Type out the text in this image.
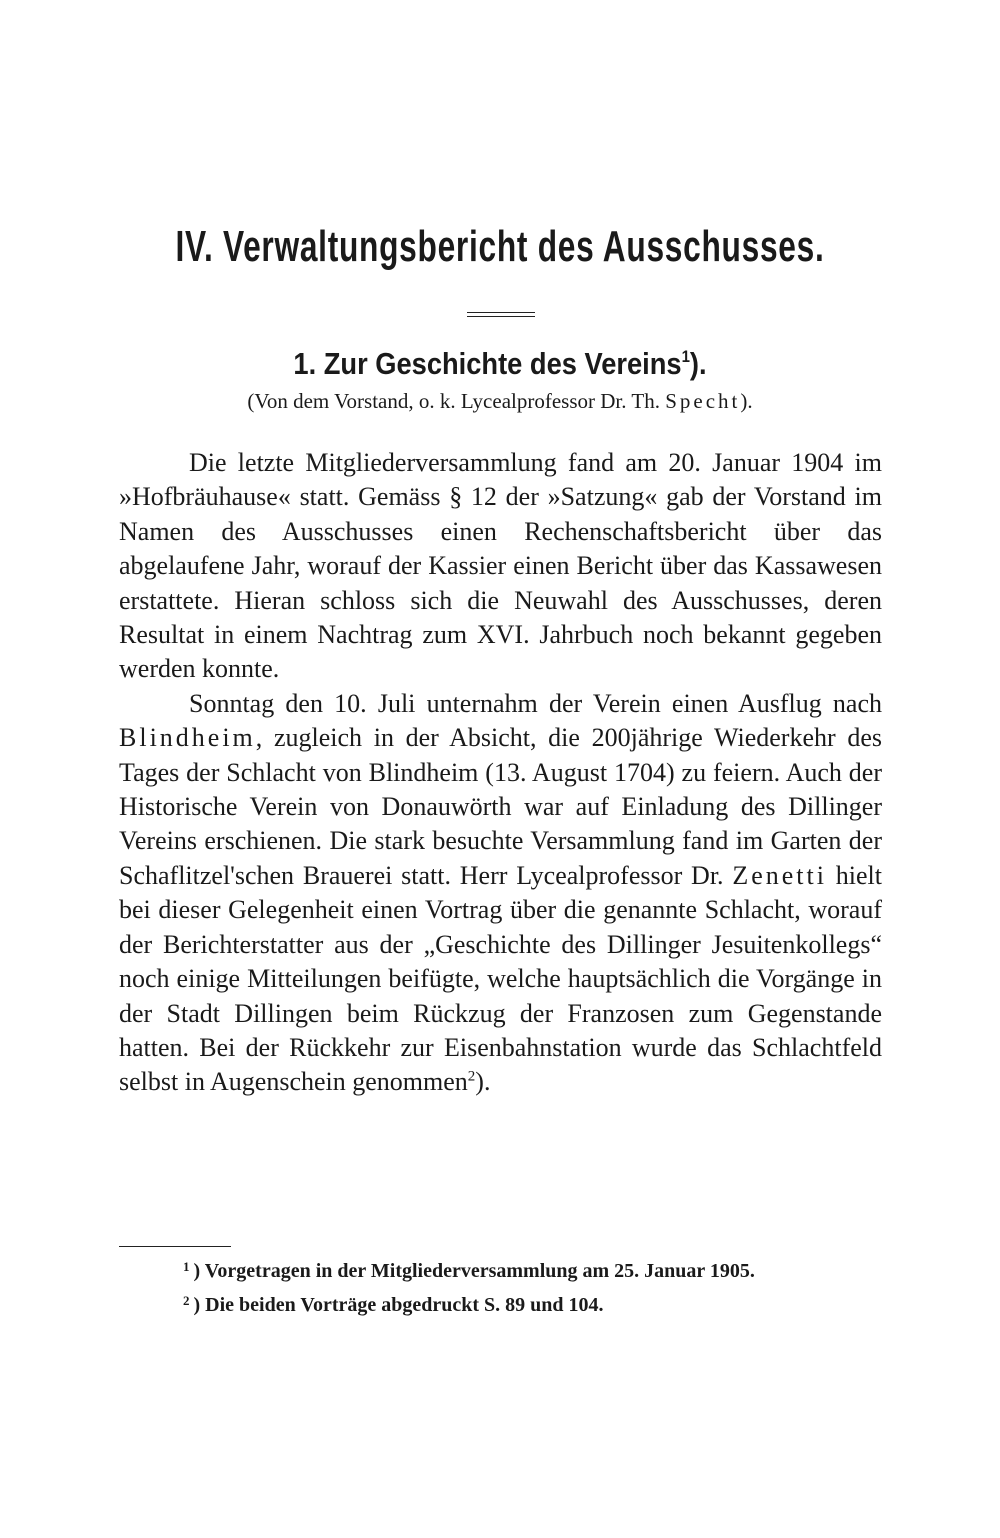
IV. Verwaltungsbericht des Ausschusses.
1. Zur Geschichte des Vereins$^1$).
(Von dem Vorstand, o. k. Lycealprofessor Dr. Th. Specht).

Die letzte Mitgliederversammlung fand am 20. Januar 1904 im »Hofbräuhause« statt. Gemäss § 12 der »Satzung« gab der Vorstand im Namen des Ausschusses einen Rechenschaftsbericht über das abgelaufene Jahr, worauf der Kassier einen Bericht über das Kassawesen erstattete. Hieran schloss sich die Neuwahl des Ausschusses, deren Resultat in einem Nachtrag zum XVI. Jahrbuch noch bekannt gegeben werden konnte.

Sonntag den 10. Juli unternahm der Verein einen Ausflug nach Blindheim, zugleich in der Absicht, die 200jährige Wiederkehr des Tages der Schlacht von Blindheim (13. August 1704) zu feiern. Auch der Historische Verein von Donauwörth war auf Einladung des Dillinger Vereins erschienen. Die stark besuchte Versammlung fand im Garten der Schaflitzel'schen Brauerei statt. Herr Lycealprofessor Dr. Zenetti hielt bei dieser Gelegenheit einen Vortrag über die genannte Schlacht, worauf der Berichterstatter aus der „Geschichte des Dillinger Jesuitenkollegs“ noch einige Mitteilungen beifügte, welche hauptsächlich die Vorgänge in der Stadt Dillingen beim Rückzug der Franzosen zum Gegenstande hatten. Bei der Rückkehr zur Eisenbahnstation wurde das Schlachtfeld selbst in Augenschein genommen$^2$).

$^1$ ) Vorgetragen in der Mitgliederversammlung am 25. Januar 1905.

$^2$ ) Die beiden Vorträge abgedruckt S. 89 und 104.
